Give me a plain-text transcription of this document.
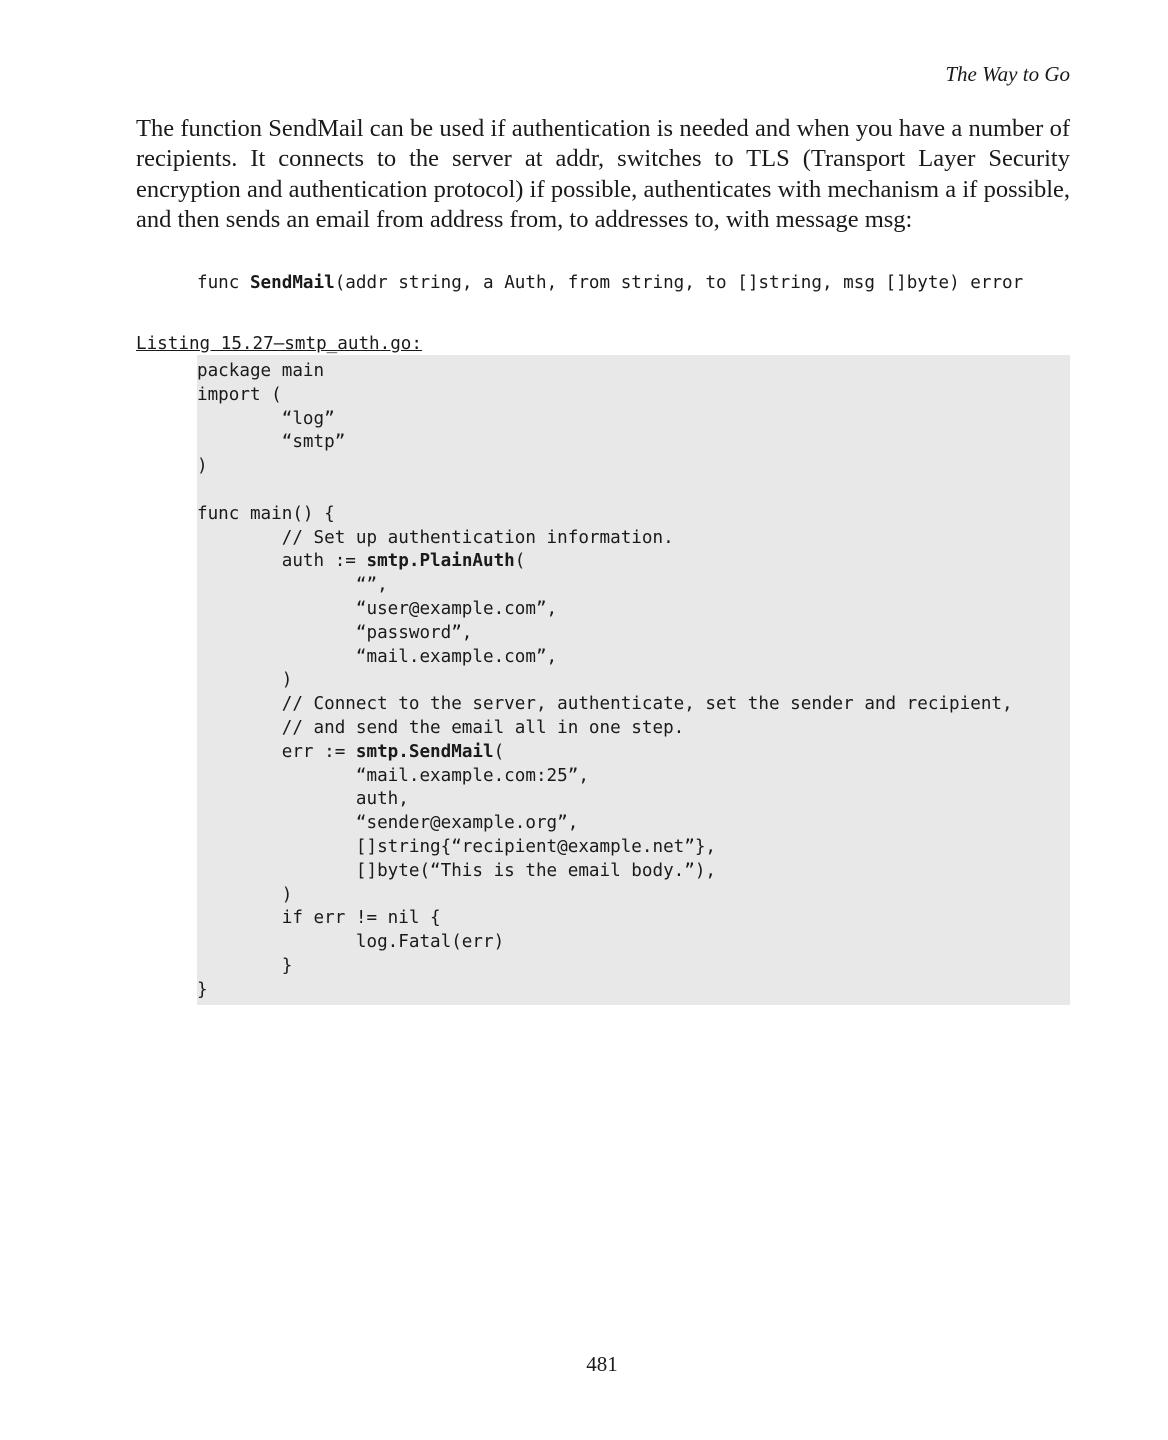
The Way to Go

The function SendMail can be used if authentication is needed and when you have a number of recipients. It connects to the server at addr, switches to TLS (Transport Layer Security encryption and authentication protocol) if possible, authenticates with mechanism a if possible, and then sends an email from address from, to addresses to, with message msg:

func SendMail(addr string, a Auth, from string, to []string, msg []byte) error
Listing 15.27—smtp_auth.go:
package main
import (
“log”
“smtp”
)
func main() {
// Set up authentication information.
auth := smtp.PlainAuth(
“”,
“user@example.com”,
“password”,
“mail.example.com”,
)
// Connect to the server, authenticate, set the sender and recipient,
// and send the email all in one step.
err := smtp.SendMail(
“mail.example.com:25”,
auth,
“sender@example.org”,
[]string{“recipient@example.net”},
[]byte(“This is the email body.”),
)
if err != nil {
log.Fatal(err)
}
}
481
